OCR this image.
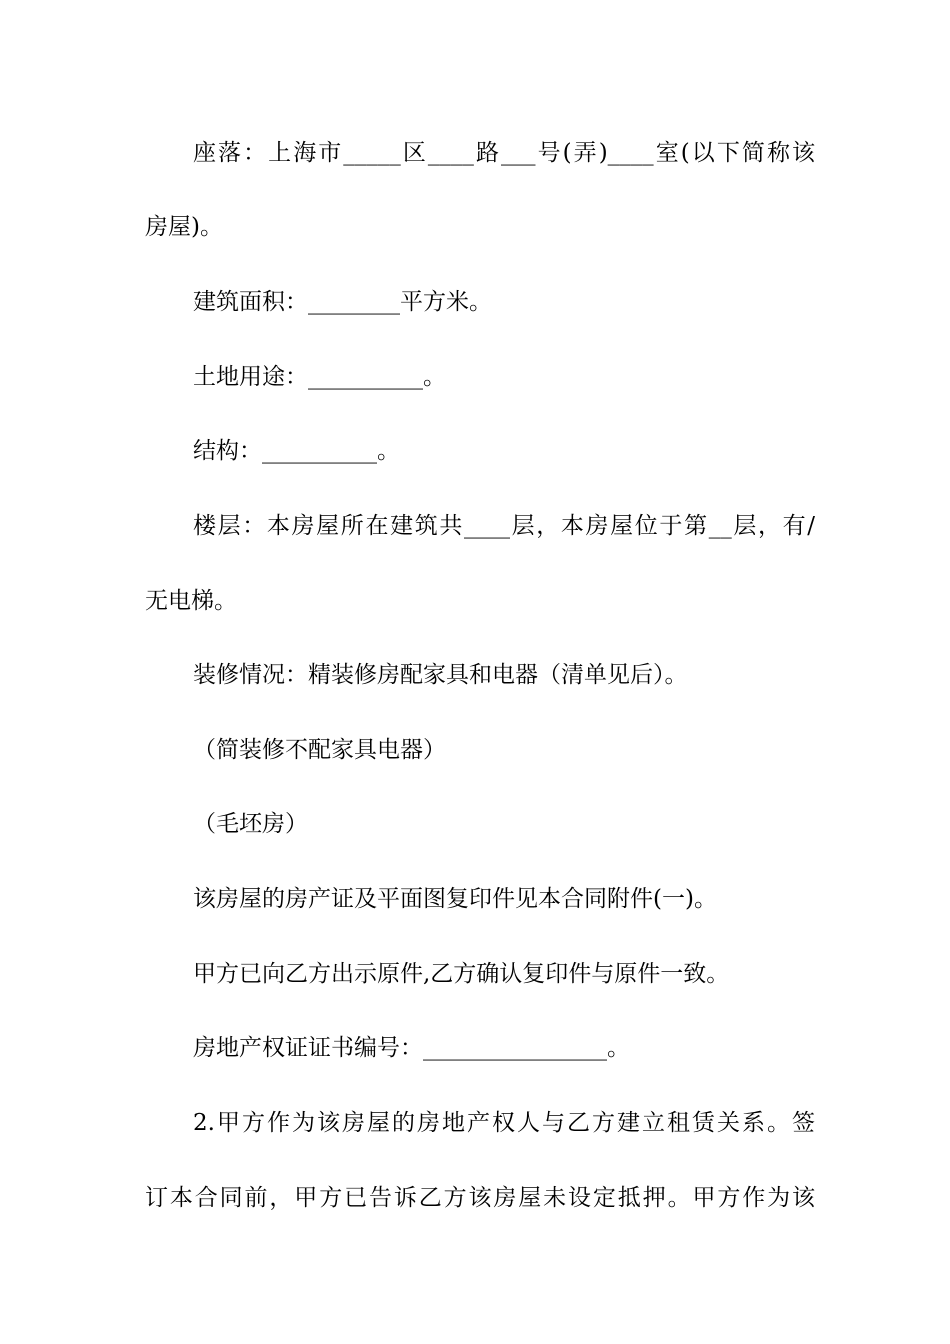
座落：上海市_____区____路___号(弄)____室(以下简称该
房屋)。
建筑面积：________平方米。
土地用途：__________。
结构：__________。
楼层：本房屋所在建筑共____层，本房屋位于第__层，有/
无电梯。
装修情况：精装修房配家具和电器（清单见后）。
（简装修不配家具电器）
（毛坯房）
该房屋的房产证及平面图复印件见本合同附件(一)。
甲方已向乙方出示原件,乙方确认复印件与原件一致。
房地产权证证书编号：________________。
2.甲方作为该房屋的房地产权人与乙方建立租赁关系。签
订本合同前，甲方已告诉乙方该房屋未设定抵押。甲方作为该
